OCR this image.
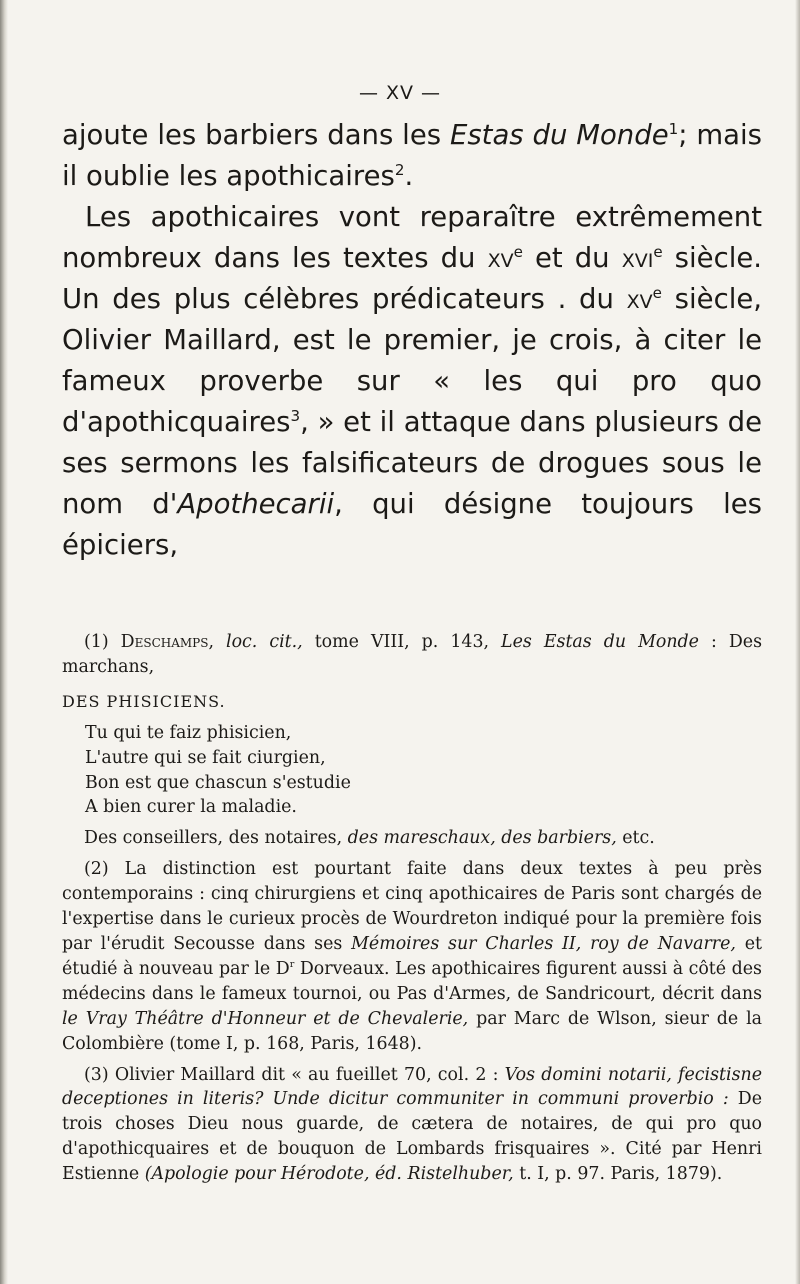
— XV —

ajoute les barbiers dans les Estas du Monde$^1$; mais il oublie les apothicaires$^2$.

Les apothicaires vont reparaître extrêmement nombreux dans les textes du $xv^e$ et du xvi$^e$ siècle. Un des plus célèbres prédicateurs . du $xv^e$ siècle, Olivier Maillard, est le premier, je crois, à citer le fameux proverbe sur « les qui pro quo d'apothicquaires$^3$, » et il attaque dans plusieurs de ses sermons les falsificateurs de drogues sous le nom d'Apothecarii, qui désigne toujours les épiciers,

(1) Deschamps, loc. cit., tome VIII, p. 143, Les Estas du Monde : Des marchans,

DES PHISICIENS.

Tu qui te faiz phisicien,

L'autre qui se fait ciurgien,

Bon est que chascun s'estudie

A bien curer la maladie.

Des conseillers, des notaires, des mareschaux, des barbiers, etc.

(2) La distinction est pourtant faite dans deux textes à peu près contemporains : cinq chirurgiens et cinq apothicaires de Paris sont chargés de l'expertise dans le curieux procès de Wourdreton indiqué pour la première fois par l'érudit Secousse dans ses Mémoires sur Charles II, roy de Navarre, et étudié à nouveau par le $D^r$ Dorveaux. Les apothicaires figurent aussi à côté des médecins dans le fameux tournoi, ou Pas d'Armes, de Sandricourt, décrit dans le Vray Théâtre d'Honneur et de Chevalerie, par Marc de Wlson, sieur de la Colombière (tome I, p. 168, Paris, 1648).

(3) Olivier Maillard dit « au fueillet 70, col. 2 : Vos domini notarii, fecistisne deceptiones in literis? Unde dicitur communiter in communi proverbio : De trois choses Dieu nous guarde, de cætera de notaires, de qui pro quo d'apothicquaires et de bouquon de Lombards frisquaires ». Cité par Henri Estienne (Apologie pour Hérodote, éd. Ristelhuber, t. I, p. 97. Paris, 1879).
